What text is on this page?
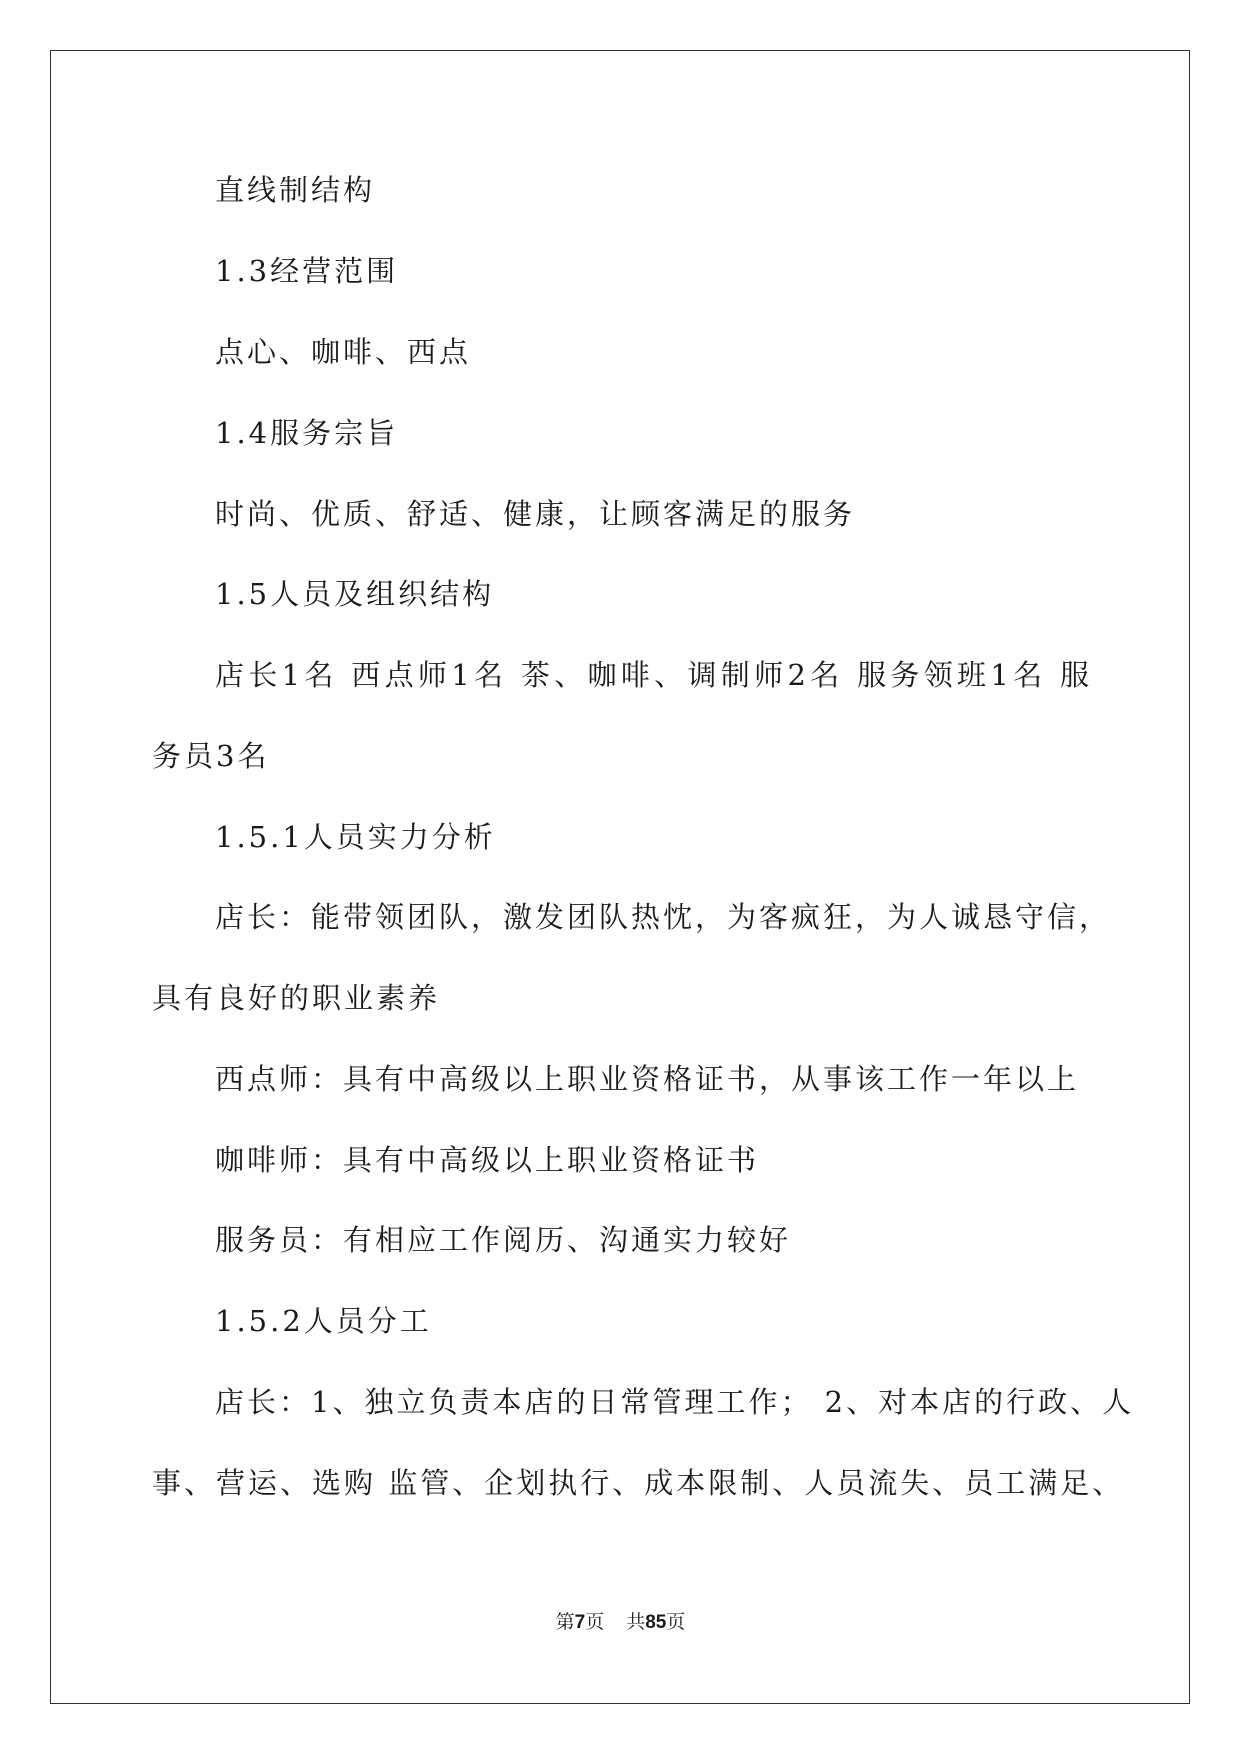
直线制结构
1.3经营范围
点心、咖啡、西点
1.4服务宗旨
时尚、优质、舒适、健康，让顾客满足的服务
1.5人员及组织结构
店长1名 西点师1名 茶、咖啡、调制师2名 服务领班1名 服
务员3名
1.5.1人员实力分析
店长：能带领团队，激发团队热忱，为客疯狂，为人诚恳守信，
具有良好的职业素养
西点师：具有中高级以上职业资格证书，从事该工作一年以上
咖啡师：具有中高级以上职业资格证书
服务员：有相应工作阅历、沟通实力较好
1.5.2人员分工
店长：1、独立负责本店的日常管理工作； 2、对本店的行政、人
事、营运、选购 监管、企划执行、成本限制、人员流失、员工满足、
第7页 共85页
